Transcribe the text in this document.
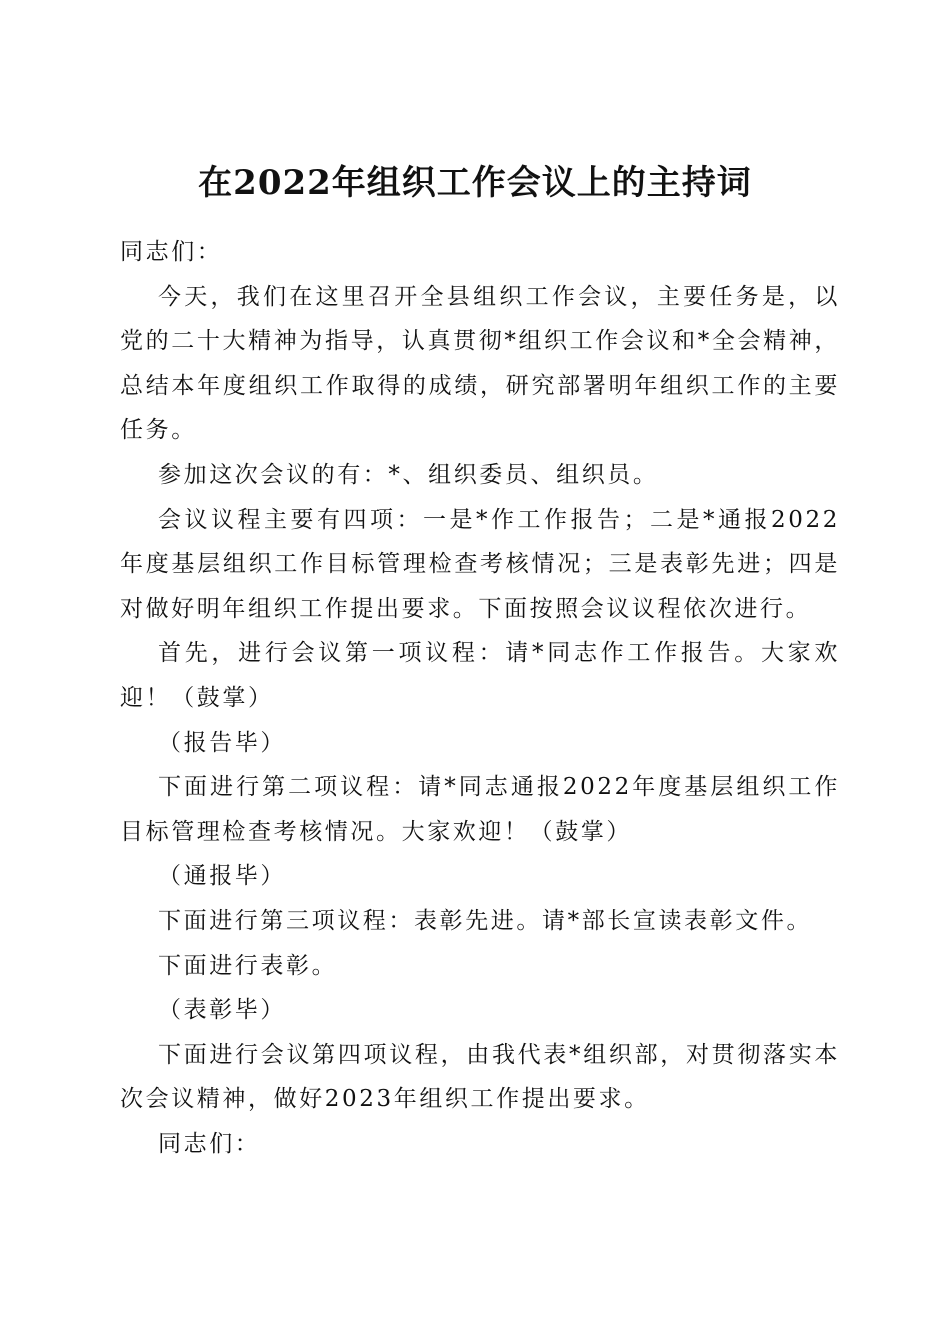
在2022年组织工作会议上的主持词

同志们：

今天，我们在这里召开全县组织工作会议，主要任务是，以党的二十大精神为指导，认真贯彻*组织工作会议和*全会精神，总结本年度组织工作取得的成绩，研究部署明年组织工作的主要任务。

参加这次会议的有：*、组织委员、组织员。

会议议程主要有四项：一是*作工作报告；二是*通报2022年度基层组织工作目标管理检查考核情况；三是表彰先进；四是对做好明年组织工作提出要求。下面按照会议议程依次进行。

首先，进行会议第一项议程：请*同志作工作报告。大家欢迎！（鼓掌）

（报告毕）

下面进行第二项议程：请*同志通报2022年度基层组织工作目标管理检查考核情况。大家欢迎！（鼓掌）

（通报毕）

下面进行第三项议程：表彰先进。请*部长宣读表彰文件。

下面进行表彰。

（表彰毕）

下面进行会议第四项议程，由我代表*组织部，对贯彻落实本次会议精神，做好2023年组织工作提出要求。

同志们：
